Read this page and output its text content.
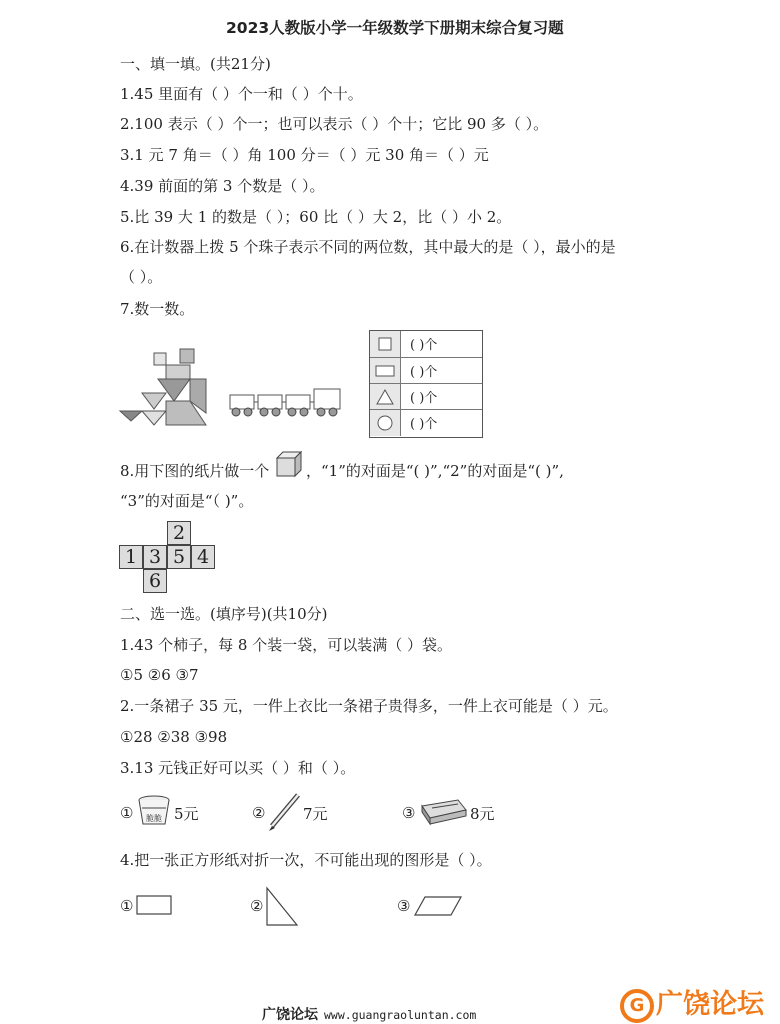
2023人教版小学一年级数学下册期末综合复习题
一、填一填。(共21分)
1.45 里面有（ ）个一和（ ）个十。
2.100 表示（ ）个一；也可以表示（ ）个十；它比 90 多（ ）。
3.1 元 7 角＝（ ）角 100 分＝（ ）元 30 角＝（ ）元
4.39 前面的第 3 个数是（ ）。
5.比 39 大 1 的数是（ ）；60 比（ ）大 2，比（ ）小 2。
6.在计数器上拨 5 个珠子表示不同的两位数，其中最大的是（ ），最小的是
（ ）。
7.数一数。
( )个
( )个
( )个
( )个
8.用下图的纸片做一个 ，“1”的对面是“( )”,“2”的对面是“( )”,
“3”的对面是“（ )”。
2
1 3 5 4
6
二、选一选。(填序号)(共10分)
1.43 个柿子，每 8 个装一袋，可以装满（ ）袋。
①5 ②6 ③7
2.一条裙子 35 元，一件上衣比一条裙子贵得多，一件上衣可能是（ ）元。
①28 ②38 ③98
3.13 元钱正好可以买（ ）和（ ）。
① 脆脆 5元	②	7元	③	8元
4.把一张正方形纸对折一次，不可能出现的图形是（ ）。
①	②	③
广饶论坛 www.guangraoluntan.com	G 广饶论坛
